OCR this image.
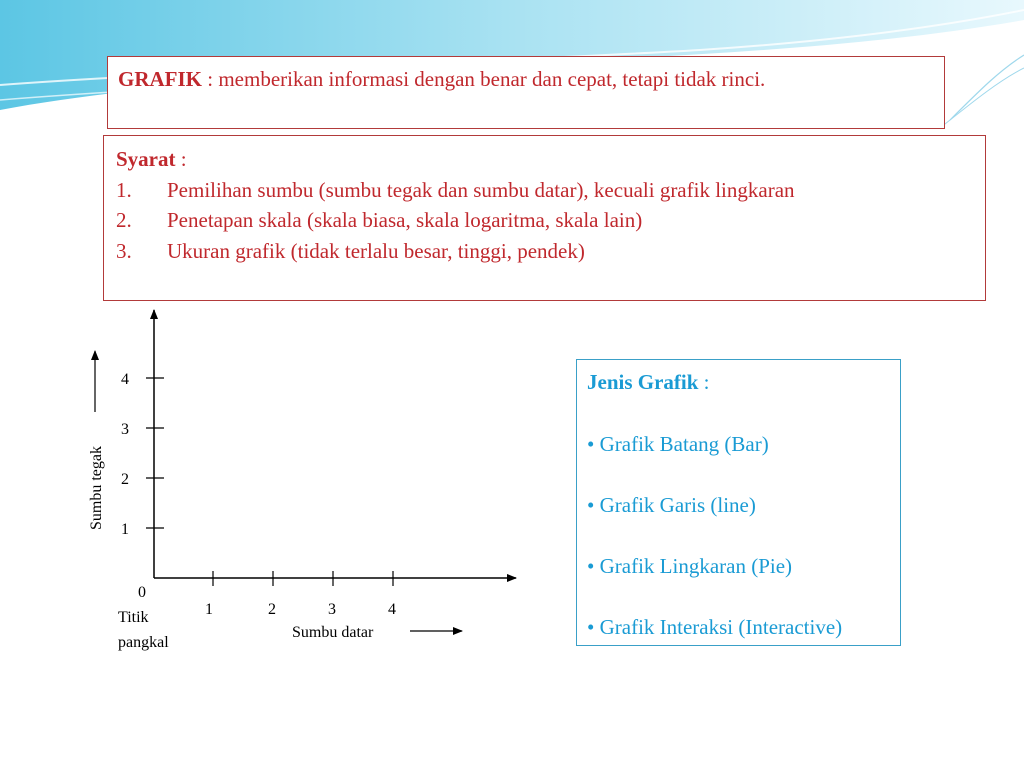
GRAFIK : memberikan informasi dengan benar dan cepat, tetapi tidak rinci.
Syarat :
1.	Pemilihan sumbu (sumbu tegak dan sumbu datar), kecuali grafik lingkaran
2.	Penetapan skala (skala biasa, skala logaritma, skala lain)
3.	Ukuran grafik (tidak terlalu besar, tinggi, pendek)
1
2
3
4
1	2	3	4
0
Titik
pangkal
Sumbu tegak
Sumbu datar
Jenis Grafik :
• Grafik Batang (Bar)
• Grafik Garis (line)
• Grafik Lingkaran (Pie)
• Grafik Interaksi (Interactive)
